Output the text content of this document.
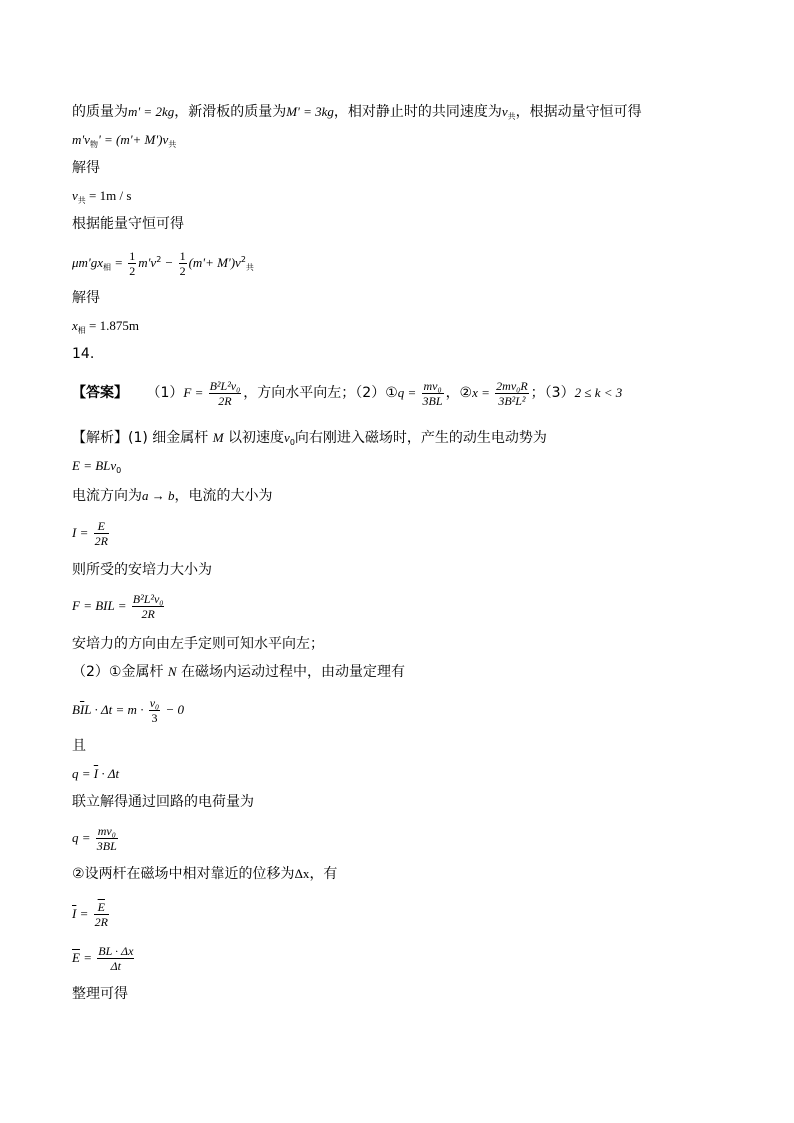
的质量为m' = 2kg，新滑板的质量为M' = 3kg，相对静止时的共同速度为$v_共$，根据动量守恒可得
$m'v_物' = (m'+ M')v_共$
解得
$v_共 = 1m / s$
根据能量守恒可得
$\mu m'gx_相 = \frac{1}{2} m'v^2 - \frac{1}{2} (m'+ M')v^2_共$
解得
$x_相 = 1.875m$
14.
【答案】 $(1)F = \frac{\text{B²L²v₀}}{2R}$ ，方向水平向左；（2）①q = $\frac{\text{mv₀}}{3BL}$ ，②x = $\frac{\text{2mv₀R}}{\text{3B²L²}}$ ；（3）2 ≤ k < 3
【解析】(1) 细金属杆 M 以初速度$v_0$向右刚进入磁场时，产生的动生电动势为
E = BLv$_0$
电流方向为a → b，电流的大小为
$I = \frac{E}{2R}$
则所受的安培力大小为
F = BIL = $\frac{\text{B²L²v₀}}{2R}$
安培力的方向由左手定则可知水平向左；
（2）①金属杆 N 在磁场内运动过程中，由动量定理有
$B\overline{I}L \cdot \Delta t = m \cdot \frac{\text{v₀}}{3} - 0$
且
$q = \overline{I} \cdot \Delta t$
联立解得通过回路的电荷量为
$q = \frac{\text{mv₀}}{3BL}$
②设两杆在磁场中相对靠近的位移为Δx，有
$\overline{I} = \frac{\overline{E}}{2R}$
$\overline{E} = \frac{BL \cdot \Delta x}{\Delta t}$
整理可得
